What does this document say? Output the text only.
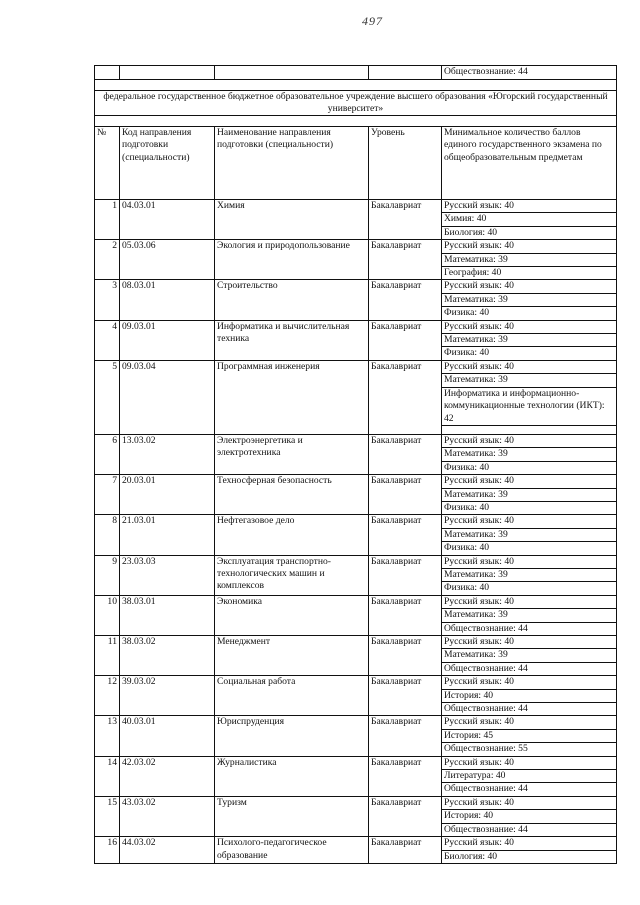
497
				Обществознание: 44

федеральное государственное бюджетное образовательное учреждение высшего образования «Югорский государственный университет»				

№	Код направления подготовки (специальности)	Наименование направления подготовки (специальности)	Уровень	Минимальное количество баллов единого государственного экзамена по общеобразовательным предметам
1	04.03.01	Химия	Бакалавриат	Русский язык: 40
				Химия: 40
				Биология: 40
2	05.03.06	Экология и природопользование	Бакалавриат	Русский язык: 40
				Математика: 39
				География: 40
3	08.03.01	Строительство	Бакалавриат	Русский язык: 40
				Математика: 39
				Физика: 40
4	09.03.01	Информатика и вычислительная техника	Бакалавриат	Русский язык: 40
				Математика: 39
				Физика: 40
5	09.03.04	Программная инженерия	Бакалавриат	Русский язык: 40
				Математика: 39
				Информатика и информационно-коммуникационные технологии (ИКТ): 42

6	13.03.02	Электроэнергетика и электротехника	Бакалавриат	Русский язык: 40
				Математика: 39
				Физика: 40
7	20.03.01	Техносферная безопасность	Бакалавриат	Русский язык: 40
				Математика: 39
				Физика: 40
8	21.03.01	Нефтегазовое дело	Бакалавриат	Русский язык: 40
				Математика: 39
				Физика: 40
9	23.03.03	Эксплуатация транспортно-технологических машин и комплексов	Бакалавриат	Русский язык: 40
				Математика: 39
				Физика: 40
10	38.03.01	Экономика	Бакалавриат	Русский язык: 40
				Математика: 39
				Обществознание: 44
11	38.03.02	Менеджмент	Бакалавриат	Русский язык: 40
				Математика: 39
				Обществознание: 44
12	39.03.02	Социальная работа	Бакалавриат	Русский язык: 40
				История: 40
				Обществознание: 44
13	40.03.01	Юриспруденция	Бакалавриат	Русский язык: 40
				История: 45
				Обществознание: 55
14	42.03.02	Журналистика	Бакалавриат	Русский язык: 40
				Литература: 40
				Обществознание: 44
15	43.03.02	Туризм	Бакалавриат	Русский язык: 40
				История: 40
				Обществознание: 44
16	44.03.02	Психолого-педагогическое образование	Бакалавриат	Русский язык: 40
				Биология: 40
